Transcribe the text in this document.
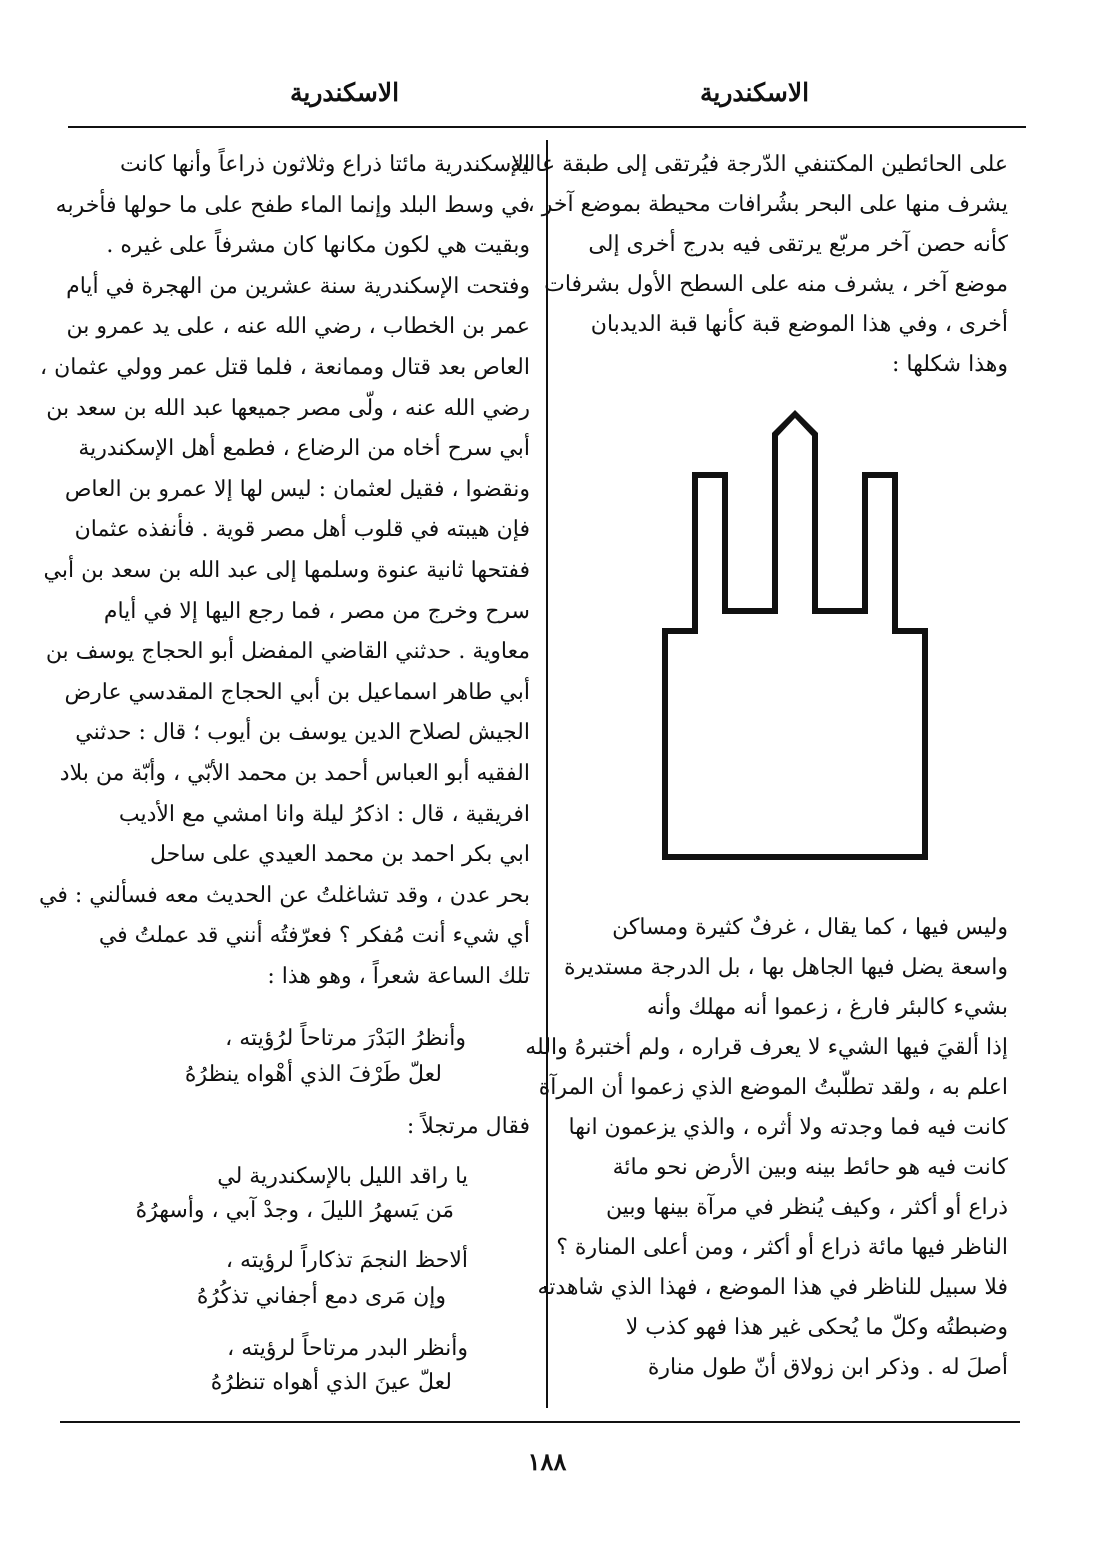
الاسكندرية
الاسكندرية
على الحائطين المكتنفي الدّرجة فيُرتقى إلى طبقة عالية
يشرف منها على البحر بشُرافات محيطة بموضع آخر ،
كأنه حصن آخر مربّع يرتقى فيه بدرج أخرى إلى
موضع آخر ، يشرف منه على السطح الأول بشرفات
أخرى ، وفي هذا الموضع قبة كأنها قبة الديدبان
وهذا شكلها :
وليس فيها ، كما يقال ، غرفٌ كثيرة ومساكن
واسعة يضل فيها الجاهل بها ، بل الدرجة مستديرة
بشيء كالبئر فارغ ، زعموا أنه مهلك وأنه
إذا ألقيَ فيها الشيء لا يعرف قراره ، ولم أختبرهُ والله
اعلم به ، ولقد تطلّبتُ الموضع الذي زعموا أن المرآة
كانت فيه فما وجدته ولا أثره ، والذي يزعمون انها
كانت فيه هو حائط بينه وبين الأرض نحو مائة
ذراع أو أكثر ، وكيف يُنظر في مرآة بينها وبين
الناظر فيها مائة ذراع أو أكثر ، ومن أعلى المنارة ؟
فلا سبيل للناظر في هذا الموضع ، فهذا الذي شاهدته
وضبطتُه وكلّ ما يُحكى غير هذا فهو كذب لا
أصلَ له . وذكر ابن زولاق أنّ طول منارة
الإسكندرية مائتا ذراع وثلاثون ذراعاً وأنها كانت
في وسط البلد وإنما الماء طفح على ما حولها فأخربه
وبقيت هي لكون مكانها كان مشرفاً على غيره .
وفتحت الإسكندرية سنة عشرين من الهجرة في أيام
عمر بن الخطاب ، رضي الله عنه ، على يد عمرو بن
العاص بعد قتال وممانعة ، فلما قتل عمر وولي عثمان ،
رضي الله عنه ، ولّى مصر جميعها عبد الله بن سعد بن
أبي سرح أخاه من الرضاع ، فطمع أهل الإسكندرية
ونقضوا ، فقيل لعثمان : ليس لها إلا عمرو بن العاص
فإن هيبته في قلوب أهل مصر قوية . فأنفذه عثمان
ففتحها ثانية عنوة وسلمها إلى عبد الله بن سعد بن أبي
سرح وخرج من مصر ، فما رجع اليها إلا في أيام
معاوية . حدثني القاضي المفضل أبو الحجاج يوسف بن
أبي طاهر اسماعيل بن أبي الحجاج المقدسي عارض
الجيش لصلاح الدين يوسف بن أيوب ؛ قال : حدثني
الفقيه أبو العباس أحمد بن محمد الأبّي ، وأبّة من بلاد
افريقية ، قال : اذكرُ ليلة وانا امشي مع الأديب
ابي بكر احمد بن محمد العيدي على ساحل
بحر عدن ، وقد تشاغلتُ عن الحديث معه فسألني : في
أي شيء أنت مُفكر ؟ فعرّفتُه أنني قد عملتُ في
تلك الساعة شعراً ، وهو هذا :
وأنظرُ البَدْرَ مرتاحاً لرُؤيته ،
لعلّ طَرْفَ الذي أهْواه ينظرُهُ
فقال مرتجلاً :
يا راقد الليل بالإسكندرية لي
مَن يَسهرُ الليلَ ، وجدْ آبي ، وأسهرُهُ
ألاحظ النجمَ تذكاراً لرؤيته ،
وإن مَرى دمع أجفاني تذكُرُهُ
وأنظر البدر مرتاحاً لرؤيته ،
لعلّ عينَ الذي أهواه تنظرُهُ
١٨٨
